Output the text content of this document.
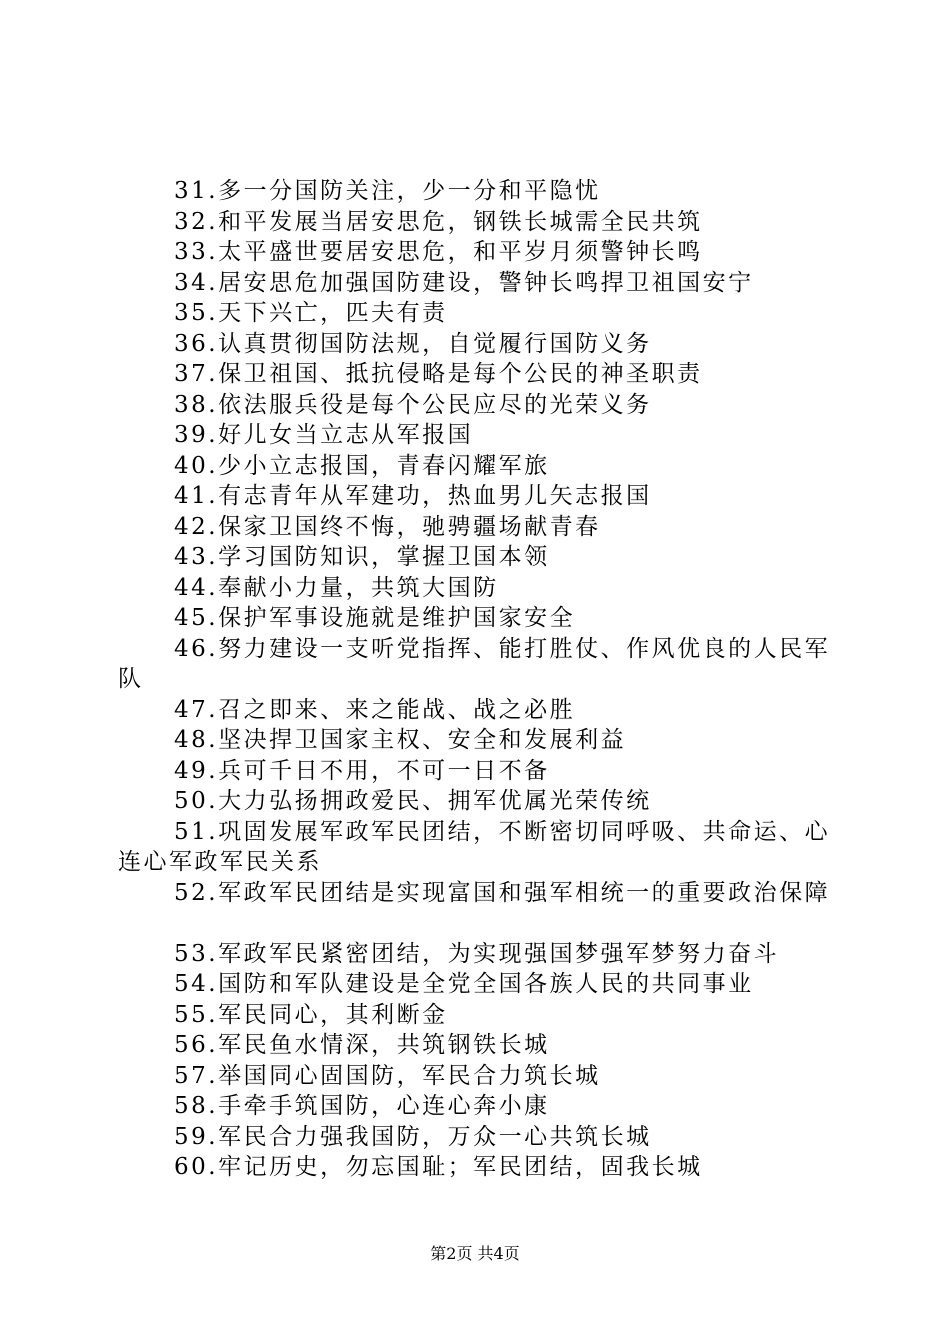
31.多一分国防关注，少一分和平隐忧
32.和平发展当居安思危，钢铁长城需全民共筑
33.太平盛世要居安思危，和平岁月须警钟长鸣
34.居安思危加强国防建设，警钟长鸣捍卫祖国安宁
35.天下兴亡，匹夫有责
36.认真贯彻国防法规，自觉履行国防义务
37.保卫祖国、抵抗侵略是每个公民的神圣职责
38.依法服兵役是每个公民应尽的光荣义务
39.好儿女当立志从军报国
40.少小立志报国，青春闪耀军旅
41.有志青年从军建功，热血男儿矢志报国
42.保家卫国终不悔，驰骋疆场献青春
43.学习国防知识，掌握卫国本领
44.奉献小力量，共筑大国防
45.保护军事设施就是维护国家安全
46.努力建设一支听党指挥、能打胜仗、作风优良的人民军队
47.召之即来、来之能战、战之必胜
48.坚决捍卫国家主权、安全和发展利益
49.兵可千日不用，不可一日不备
50.大力弘扬拥政爱民、拥军优属光荣传统
51.巩固发展军政军民团结，不断密切同呼吸、共命运、心连心军政军民关系
52.军政军民团结是实现富国和强军相统一的重要政治保障
53.军政军民紧密团结，为实现强国梦强军梦努力奋斗
54.国防和军队建设是全党全国各族人民的共同事业
55.军民同心，其利断金
56.军民鱼水情深，共筑钢铁长城
57.举国同心固国防，军民合力筑长城
58.手牵手筑国防，心连心奔小康
59.军民合力强我国防，万众一心共筑长城
60.牢记历史，勿忘国耻；军民团结，固我长城
第2页 共4页
